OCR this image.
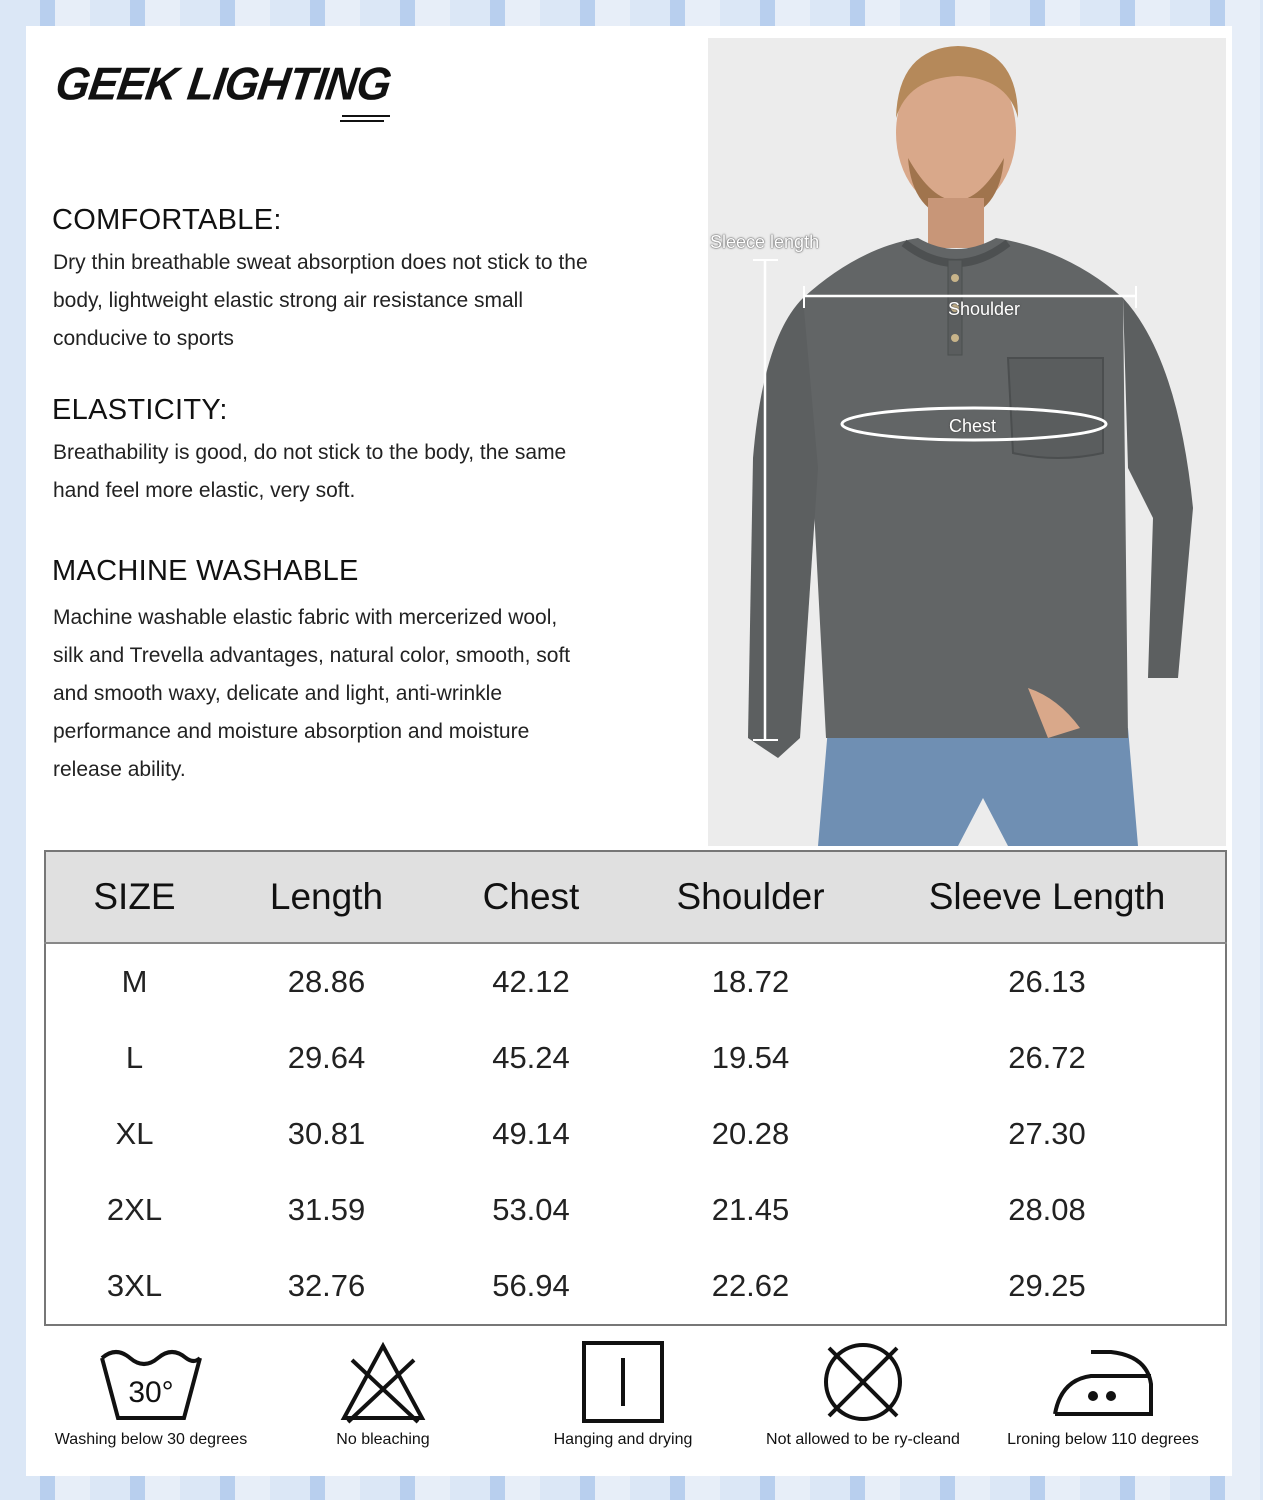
GEEK LIGHTING
COMFORTABLE:
Dry thin breathable sweat absorption does not stick to the body, lightweight elastic strong air resistance small conducive to sports
ELASTICITY:
Breathability is good, do not stick to the body, the same hand feel more elastic, very soft.
MACHINE WASHABLE
Machine washable elastic fabric with mercerized wool, silk and Trevella advantages, natural color, smooth, soft and smooth waxy, delicate and light, anti-wrinkle performance and moisture absorption and moisture release ability.
Sleece length
Shoulder
Chest
SIZE	Length	Chest	Shoulder	Sleeve Length
M	28.86	42.12	18.72	26.13
L	29.64	45.24	19.54	26.72
XL	30.81	49.14	20.28	27.30
2XL	31.59	53.04	21.45	28.08
3XL	32.76	56.94	22.62	29.25
30°
Washing below 30 degrees	No bleaching	Hanging and drying	Not allowed to be ry-cleand	Lroning below 110 degrees
